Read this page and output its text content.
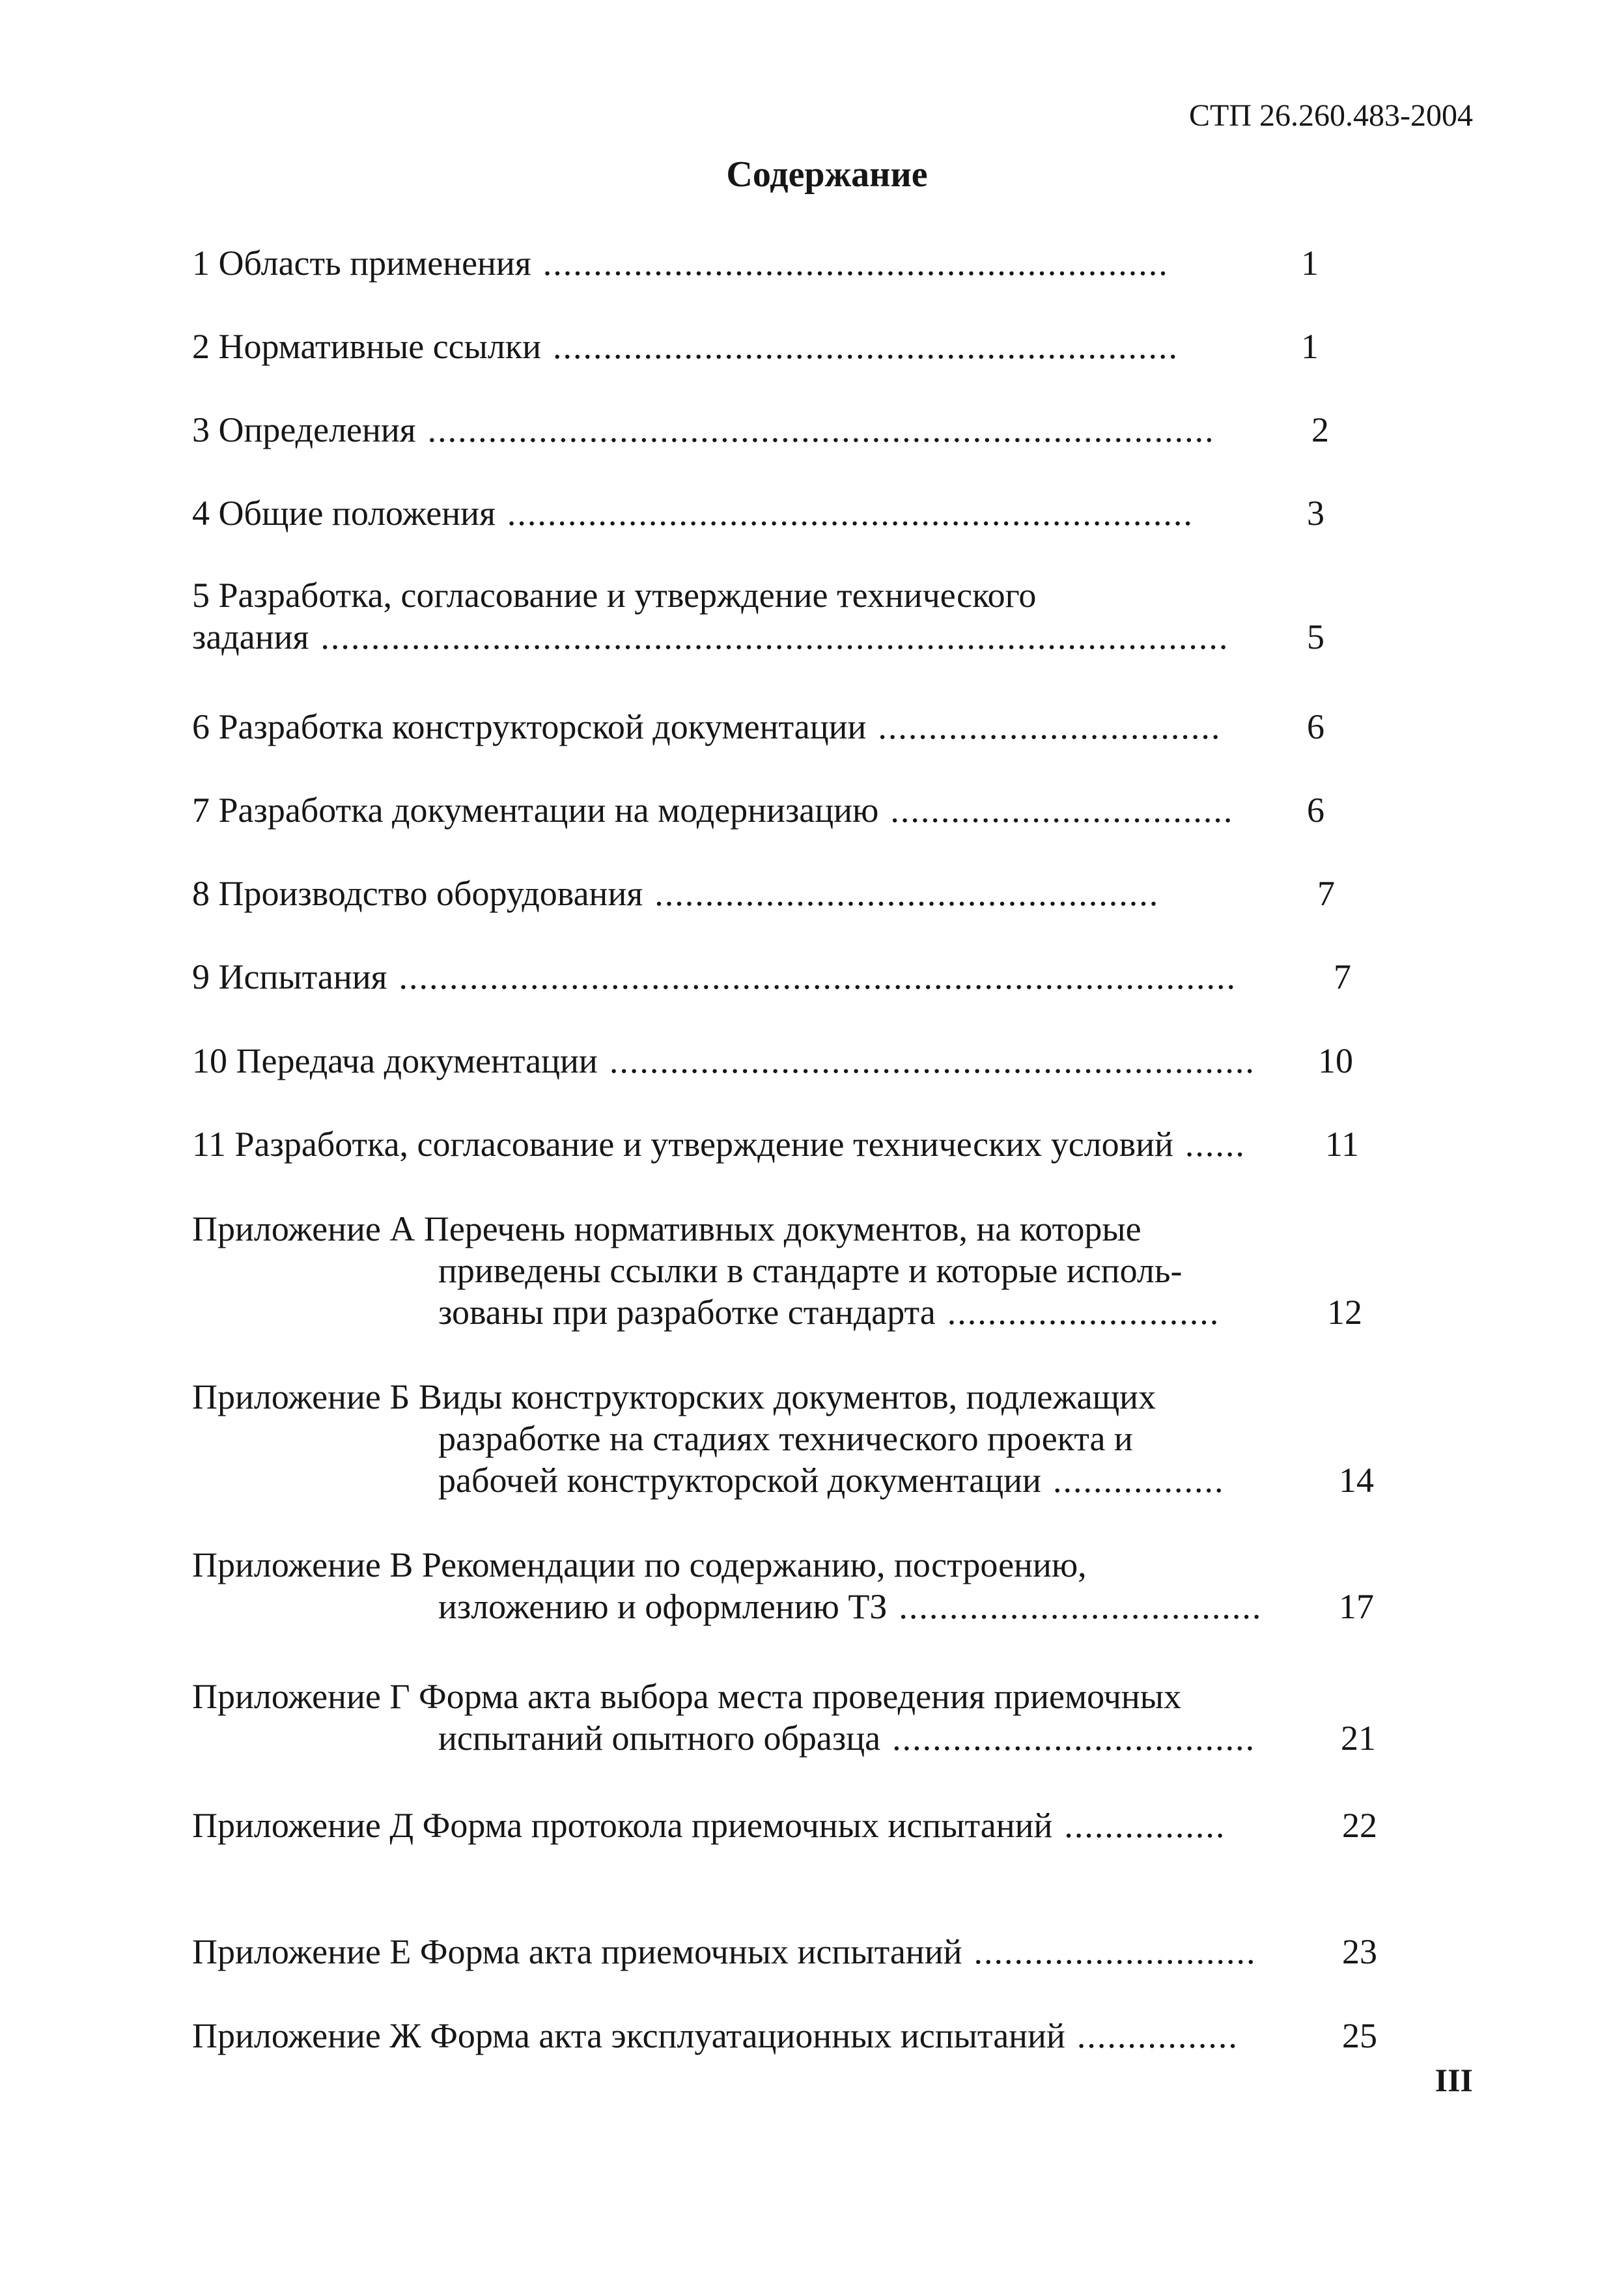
СТП 26.260.483-2004
Содержание
1 Область применения ..............................................................	1
2 Нормативные ссылки ..............................................................	1
3 Определения ..............................................................................	2
4 Общие положения ....................................................................	3
5 Разработка, согласование и утверждение технического
задания ..........................................................................................	5
6 Разработка конструкторской документации ..................................	6
7 Разработка документации на модернизацию ..................................	6
8 Производство оборудования ..................................................	7
9 Испытания ...................................................................................	7
10 Передача документации ................................................................	10
11 Разработка, согласование и утверждение технических условий ......	11
Приложение А Перечень нормативных документов, на которые
приведены ссылки в стандарте и которые исполь-
зованы при разработке стандарта ...........................	12
Приложение Б Виды конструкторских документов, подлежащих
разработке на стадиях технического проекта и
рабочей конструкторской документации .................	14
Приложение В Рекомендации по содержанию, построению,
изложению и оформлению ТЗ ....................................	17
Приложение Г Форма акта выбора места проведения приемочных
испытаний опытного образца ....................................	21
Приложение Д Форма протокола приемочных испытаний ................	22
Приложение Е Форма акта приемочных испытаний ............................	23
Приложение Ж Форма акта эксплуатационных испытаний ................	25
III
